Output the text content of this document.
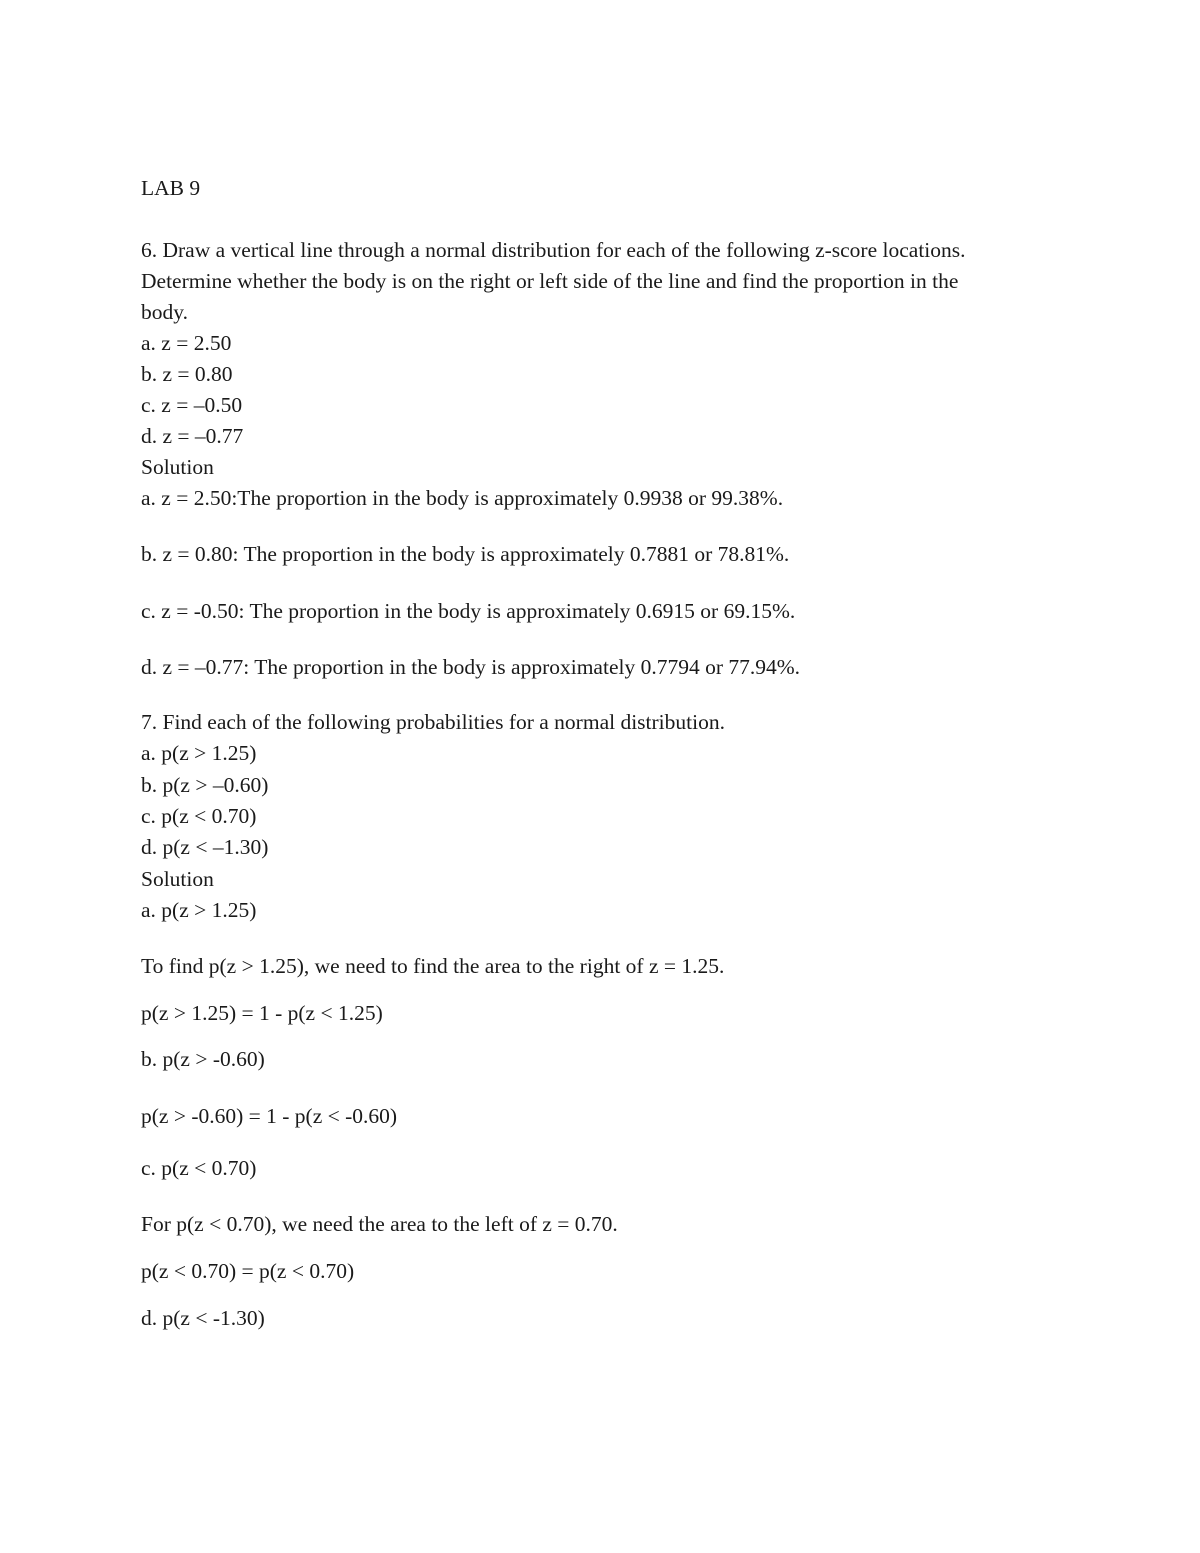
LAB 9
6. Draw a vertical line through a normal distribution for each of the following z-score locations.
Determine whether the body is on the right or left side of the line and find the proportion in the
body.
a. z = 2.50
b. z = 0.80
c. z = –0.50
d. z = –0.77
Solution
a. z = 2.50:The proportion in the body is approximately 0.9938 or 99.38%.
b. z = 0.80: The proportion in the body is approximately 0.7881 or 78.81%.
c. z = -0.50: The proportion in the body is approximately 0.6915 or 69.15%.
d. z = –0.77: The proportion in the body is approximately 0.7794 or 77.94%.
7. Find each of the following probabilities for a normal distribution.
a. p(z > 1.25)
b. p(z > –0.60)
c. p(z < 0.70)
d. p(z < –1.30)
Solution
a. p(z > 1.25)
To find p(z > 1.25), we need to find the area to the right of z = 1.25.
p(z > 1.25) = 1 - p(z < 1.25)
b. p(z > -0.60)
p(z > -0.60) = 1 - p(z < -0.60)
c. p(z < 0.70)
For p(z < 0.70), we need the area to the left of z = 0.70.
p(z < 0.70) = p(z < 0.70)
d. p(z < -1.30)
